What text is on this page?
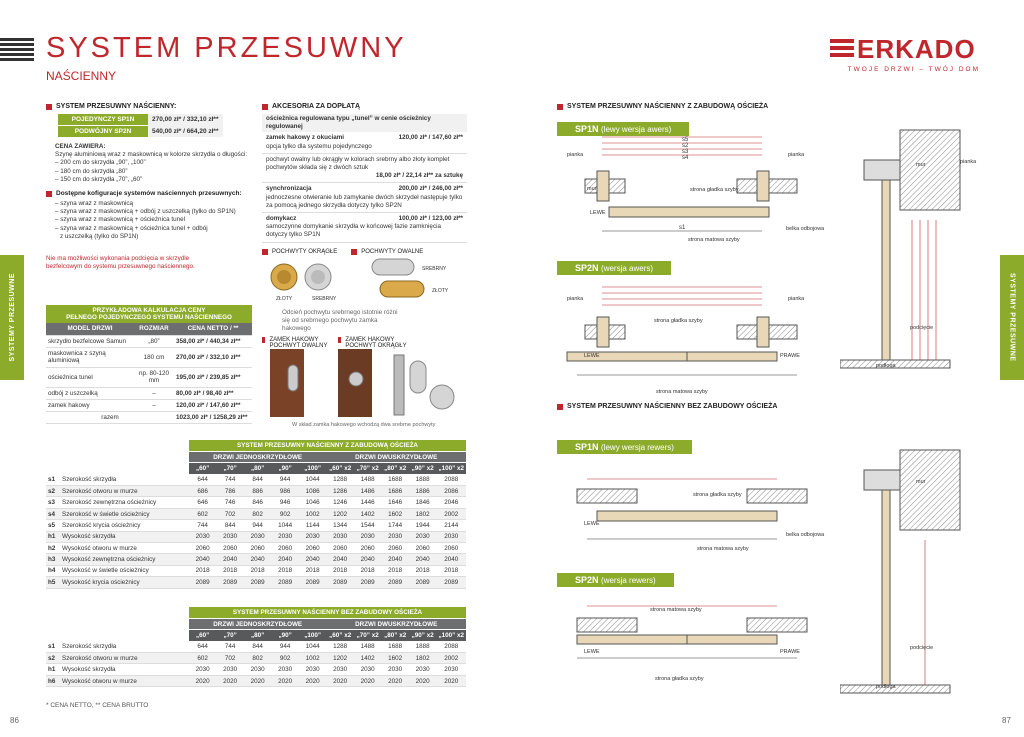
SYSTEM PRZESUWNY
NAŚCIENNY
ERKADO
TWOJE DRZWI – TWÓJ DOM
SYSTEMY PRZESUWNE	SYSTEMY PRZESUWNE
SYSTEM PRZESUWNY NAŚCIENNY:
POJEDYNCZY SP1N	270,00 zł* / 332,10 zł**
PODWÓJNY SP2N	540,00 zł* / 664,20 zł**
CENA ZAWIERA:
Szynę aluminiową wraz z maskownicą w kolorze skrzydła o długości:
– 200 cm do skrzydła „90”, „100”
– 180 cm do skrzydła „80”
– 150 cm do skrzydła „70”, „60”
Dostępne kofiguracje systemów naściennych przesuwnych:
– szyna wraz z maskownicą
– szyna wraz z maskownicą + odbój z uszczelką (tylko do SP1N)
– szyna wraz z maskownicą + ościeżnica tunel
– szyna wraz z maskownicą + ościeżnica tunel + odbój
z uszczelką (tylko do SP1N)
Nie ma możliwości wykonania podcięcia w skrzydle bezfelcowym do systemu przesuwnego naściennego.
PRZYKŁADOWA KALKULACJA CENY
PEŁNEGO POJEDYNCZEGO SYSTEMU NAŚCIENNEGO
MODEL DRZWI	ROZMIAR	CENA NETTO / **
skrzydło bezfelcowe Samun	„80”	358,00 zł* / 440,34 zł**
maskownica z szyną aluminiową	180 cm	270,00 zł* / 332,10 zł**
ościeżnica tunel	np. 80-120 mm	195,00 zł* / 239,85 zł**
odbój z uszczelką	–	80,00 zł* / 98,40 zł**
zamek hakowy	–	120,00 zł* / 147,60 zł**
razem		1023,00 zł* / 1258,29 zł**
AKCESORIA ZA DOPŁATĄ
ościeżnica regulowana typu „tunel” w cenie ościeżnicy regulowanej
zamek hakowy z okuciami	120,00 zł* / 147,60 zł**
opcja tylko dla systemu pojedynczego
pochwyt owalny lub okrągły w kolorach srebrny albo złoty komplet pochwytów składa się z dwóch sztuk
18,00 zł* / 22,14 zł** za sztukę
synchronizacja	200,00 zł* / 246,00 zł**
jednoczesne otwieranie lub zamykanie dwóch skrzydeł następuje tylko za pomocą jednego skrzydła dotyczy tylko SP2N
domykacz	100,00 zł* / 123,00 zł**
samoczynne domykanie skrzydła w końcowej fazie zamknięcia dotyczy tylko SP1N
POCHWYTY OKRĄGŁE	POCHWYTY OWALNE
ZŁOTY	SREBRNY
SREBRNY
ZŁOTY
Odcień pochwytu srebrnego istotnie różni się od srebrnego pochwytu zamka hakowego
ZAMEK HAKOWY POCHWYT OWALNY
ZAMEK HAKOWY POCHWYT OKRĄGŁY
W skład zamka hakowego wchodzą dwa srebrne pochwyty
		SYSTEM PRZESUWNY NAŚCIENNY Z ZABUDOWĄ OŚCIEŻA									
		DRZWI JEDNOSKRZYDŁOWE					DRZWI DWUSKRZYDŁOWE				
		„60”	„70”	„80”	„90”	„100”	„60” x2	„70” x2	„80” x2	„90” x2	„100” x2
s1	Szerokość skrzydła	644	744	844	944	1044	1288	1488	1688	1888	2088
s2	Szerokość otworu w murze	686	786	886	986	1086	1286	1486	1686	1886	2086
s3	Szerokość zewnętrzna ościeżnicy	646	746	846	946	1046	1246	1446	1646	1846	2046
s4	Szerokość w świetle ościeżnicy	602	702	802	902	1002	1202	1402	1602	1802	2002
s5	Szerokość krycia ościeżnicy	744	844	944	1044	1144	1344	1544	1744	1944	2144
h1	Wysokość skrzydła	2030	2030	2030	2030	2030	2030	2030	2030	2030	2030
h2	Wysokość otworu w murze	2060	2060	2060	2060	2060	2060	2060	2060	2060	2060
h3	Wysokość zewnętrzna ościeżnicy	2040	2040	2040	2040	2040	2040	2040	2040	2040	2040
h4	Wysokość w świetle ościeżnicy	2018	2018	2018	2018	2018	2018	2018	2018	2018	2018
h5	Wysokość krycia ościeżnicy	2089	2089	2089	2089	2089	2089	2089	2089	2089	2089
		SYSTEM PRZESUWNY NAŚCIENNY BEZ ZABUDOWY OŚCIEŻA									
		DRZWI JEDNOSKRZYDŁOWE					DRZWI DWUSKRZYDŁOWE				
		„60”	„70”	„80”	„90”	„100”	„60” x2	„70” x2	„80” x2	„90” x2	„100” x2
s1	Szerokość skrzydła	644	744	844	944	1044	1288	1488	1688	1888	2088
s2	Szerokość otworu w murze	602	702	802	902	1002	1202	1402	1602	1802	2002
h1	Wysokość skrzydła	2030	2030	2030	2030	2030	2030	2030	2030	2030	2030
h6	Wysokość otworu w murze	2020	2020	2020	2020	2020	2020	2020	2020	2020	2020
* CENA NETTO, ** CENA BRUTTO
86	87
SYSTEM PRZESUWNY NAŚCIENNY Z ZABUDOWĄ OŚCIEŻA
SYSTEM PRZESUWNY NAŚCIENNY BEZ ZABUDOWY OŚCIEŻA
SP1N (lewy wersja awers)
SP2N (wersja awers)
SP1N (lewy wersja rewers)
SP2N (wersja rewers)
s5
s2
s3
s4
s1
pianka	pianka
mur
LEWE
strona gładka szyby
strona matowa szyby
belka odbojowa
pianka	pianka
strona gładka szyby
LEWE	PRAWE
strona matowa szyby
strona gładka szyby
LEWE
belka odbojowa
strona matowa szyby
strona matowa szyby
LEWE	PRAWE
strona gładka szyby
mur	pianka
podcięcie
podłoga
mur
podcięcie
podłoga
